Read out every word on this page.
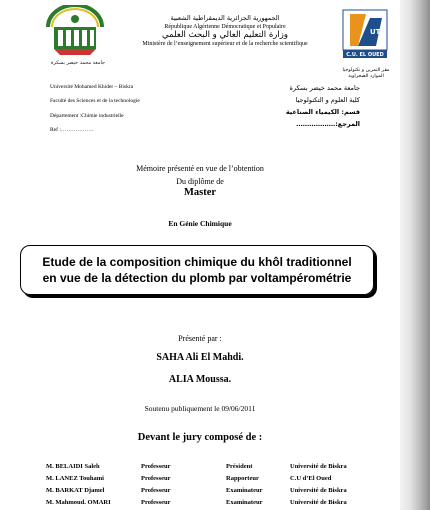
جامعة محمد خيضر بسكرة
الجمهورية الجزائرية الديمقراطية الشعبية
République Algérienne Démocratique et Populaire
وزارة التعليم العالي و البحث العلمي
Ministère de l’enseignement supérieur et de la recherche scientifique
UTS
C.U. EL OUED
مقر التمرين و تكنولوجيا
الموارد الصحراوية
Université Mohamed Khider – Biskra
Faculté des Sciences et de la technologie
Département :Chimie industrielle
Ref :………………
جامعة محمد خيضر بسكرة
كلية العلوم و التكنولوجيا
قسم: الكيمياء الصناعية
المرجع:………………
Mémoire présenté en vue de l’obtention
Du diplôme de
Master
En Génie Chimique
Etude de la composition chimique du khôl traditionnel
en vue de la détection du plomb par voltampérométrie
Présenté par :
SAHA Ali El Mahdi.
ALIA Moussa.
Soutenu publiquement le 09/06/2011
Devant le jury composé de :
M. BELAIDI Saleh	Professeur	Président	Université de Biskra
M. LANEZ Touhami	Professeur	Rapporteur	C.U d’El Oued
M. BARKAT Djamel	Professeur	Examinateur	Université de Biskra
M. Mahmoud. OMARI	Professeur	Examinateur	Université de Biskra
